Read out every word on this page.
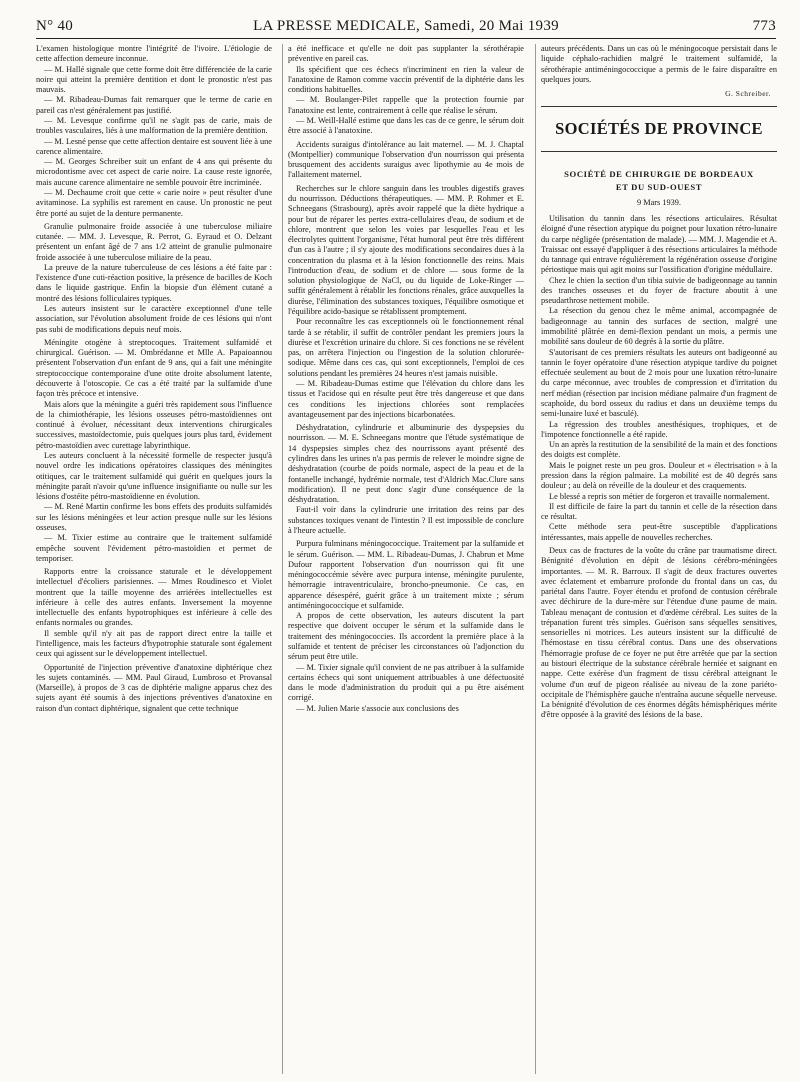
N° 40	LA PRESSE MEDICALE, Samedi, 20 Mai 1939	773

L'examen histologique montre l'intégrité de l'ivoire. L'étiologie de cette affection demeure inconnue.

— M. Hallé signale que cette forme doit être différenciée de la carie noire qui atteint la première dentition et dont le pronostic n'est pas mauvais.

— M. Ribadeau-Dumas fait remarquer que le terme de carie en pareil cas n'est généralement pas justifié.

— M. Levesque confirme qu'il ne s'agit pas de carie, mais de troubles vasculaires, liés à une malformation de la première dentition.

— M. Lesné pense que cette affection dentaire est souvent liée à une carence alimentaire.

— M. Georges Schreiber suit un enfant de 4 ans qui présente du microdontisme avec cet aspect de carie noire. La cause reste ignorée, mais aucune carence alimentaire ne semble pouvoir être incriminée.

— M. Dechaume croit que cette « carie noire » peut résulter d'une avitaminose. La syphilis est rarement en cause. Un pronostic ne peut être porté au sujet de la denture permanente.

Granulie pulmonaire froide associée à une tuberculose miliaire cutanée. — MM. J. Levesque, R. Perrot, G. Eyraud et O. Delzant présentent un enfant âgé de 7 ans 1/2 atteint de granulie pulmonaire froide associée à une tuberculose miliaire de la peau.

La preuve de la nature tuberculeuse de ces lésions a été faite par : l'existence d'une cuti-réaction positive, la présence de bacilles de Koch dans le liquide gastrique. Enfin la biopsie d'un élément cutané a montré des lésions folliculaires typiques.

Les auteurs insistent sur le caractère exceptionnel d'une telle association, sur l'évolution absolument froide de ces lésions qui n'ont pas subi de modifications depuis neuf mois.

Méningite otogène à streptocoques. Traitement sulfamidé et chirurgical. Guérison. — M. Ombrédanne et Mlle A. Papaioannou présentent l'observation d'un enfant de 9 ans, qui a fait une méningite streptococcique contemporaine d'une otite droite absolument latente, découverte à l'otoscopie. Ce cas a été traité par la sulfamide d'une façon très précoce et intensive.

Mais alors que la méningite a guéri très rapidement sous l'influence de la chimiothérapie, les lésions osseuses pétro-mastoïdiennes ont continué à évoluer, nécessitant deux interventions chirurgicales successives, mastoïdectomie, puis quelques jours plus tard, évidement pétro-mastoïdien avec curettage labyrinthique.

Les auteurs concluent à la nécessité formelle de respecter jusqu'à nouvel ordre les indications opératoires classiques des méningites otitiques, car le traitement sulfamidé qui guérit en quelques jours la méningite paraît n'avoir qu'une influence insignifiante ou nulle sur les lésions d'ostéite pétro-mastoïdienne en évolution.

— M. René Martin confirme les bons effets des produits sulfamidés sur les lésions méningées et leur action presque nulle sur les lésions osseuses.

— M. Tixier estime au contraire que le traitement sulfamidé empêche souvent l'évidement pétro-mastoïdien et permet de temporiser.

Rapports entre la croissance staturale et le développement intellectuel d'écoliers parisiennes. — Mmes Roudinesco et Violet montrent que la taille moyenne des arriérées intellectuelles est inférieure à celle des autres enfants. Inversement la moyenne intellectuelle des enfants hypotrophiques est inférieure à celle des enfants normales ou grandes.

Il semble qu'il n'y ait pas de rapport direct entre la taille et l'intelligence, mais les facteurs d'hypotrophie staturale sont également ceux qui agissent sur le développement intellectuel.

Opportunité de l'injection préventive d'anatoxine diphtérique chez les sujets contaminés. — MM. Paul Giraud, Lumbroso et Provansal (Marseille), à propos de 3 cas de diphtérie maligne apparus chez des sujets ayant été soumis à des injections préventives d'anatoxine en raison d'un contact diphtérique, signalent que cette technique

a été inefficace et qu'elle ne doit pas supplanter la sérothérapie préventive en pareil cas.

Ils spécifient que ces échecs n'incriminent en rien la valeur de l'anatoxine de Ramon comme vaccin préventif de la diphtérie dans les conditions habituelles.

— M. Boulanger-Pilet rappelle que la protection fournie par l'anatoxine est lente, contrairement à celle que réalise le sérum.

— M. Weill-Hallé estime que dans les cas de ce genre, le sérum doit être associé à l'anatoxine.

Accidents suraigus d'intolérance au lait maternel. — M. J. Chaptal (Montpellier) communique l'observation d'un nourrisson qui présenta brusquement des accidents suraigus avec lipothymie au 4e mois de l'allaitement maternel.

Recherches sur le chlore sanguin dans les troubles digestifs graves du nourrisson. Déductions thérapeutiques. — MM. P. Rohmer et E. Schneegans (Strasbourg), après avoir rappelé que la diète hydrique a pour but de réparer les pertes extra-cellulaires d'eau, de sodium et de chlore, montrent que selon les voies par lesquelles l'eau et les électrolytes quittent l'organisme, l'état humoral peut être très différent d'un cas à l'autre ; il s'y ajoute des modifications secondaires dues à la concentration du plasma et à la lésion fonctionnelle des reins. Mais l'introduction d'eau, de sodium et de chlore — sous forme de la solution physiologique de NaCl, ou du liquide de Loke-Ringer — suffit généralement à rétablir les fonctions rénales, grâce auxquelles la diurèse, l'élimination des substances toxiques, l'équilibre osmotique et l'équilibre acido-basique se rétablissent promptement.

Pour reconnaître les cas exceptionnels où le fonctionnement rénal tarde à se rétablir, il suffit de contrôler pendant les premiers jours la diurèse et l'excrétion urinaire du chlore. Si ces fonctions ne se révèlent pas, on arrêtera l'injection ou l'ingestion de la solution chlorurée-sodique. Même dans ces cas, qui sont exceptionnels, l'emploi de ces solutions pendant les premières 24 heures n'est jamais nuisible.

— M. Ribadeau-Dumas estime que l'élévation du chlore dans les tissus et l'acidose qui en résulte peut être très dangereuse et que dans ces conditions les injections chlorées sont remplacées avantageusement par des injections bicarbonatées.

Déshydratation, cylindrurie et albuminurie des dyspepsies du nourrisson. — M. E. Schneegans montre que l'étude systématique de 14 dyspepsies simples chez des nourrissons ayant présenté des cylindres dans les urines n'a pas permis de relever le moindre signe de déshydratation (courbe de poids normale, aspect de la peau et de la fontanelle inchangé, hydrémie normale, test d'Aldrich Mac.Clure sans modification). Il ne peut donc s'agir d'une conséquence de la déshydratation.

Faut-il voir dans la cylindrurie une irritation des reins par des substances toxiques venant de l'intestin ? Il est impossible de conclure à l'heure actuelle.

Purpura fulminans méningococcique. Traitement par la sulfamide et le sérum. Guérison. — MM. L. Ribadeau-Dumas, J. Chabrun et Mme Dufour rapportent l'observation d'un nourrisson qui fit une méningococcémie sévère avec purpura intense, méningite purulente, hémorragie intraventriculaire, broncho-pneumonie. Ce cas, en apparence désespéré, guérit grâce à un traitement mixte ; sérum antiméningococcique et sulfamide.

A propos de cette observation, les auteurs discutent la part respective que doivent occuper le sérum et la sulfamide dans le traitement des méningococcies. Ils accordent la première place à la sulfamide et tentent de préciser les circonstances où l'adjonction du sérum peut être utile.

— M. Tixier signale qu'il convient de ne pas attribuer à la sulfamide certains échecs qui sont uniquement attribuables à une défectuosité dans le mode d'administration du produit qui a pu être aisément corrigé.

— M. Julien Marie s'associe aux conclusions des

auteurs précédents. Dans un cas où le méningocoque persistait dans le liquide céphalo-rachidien malgré le traitement sulfamidé, la sérothérapie antiméningococcique a permis de le faire disparaître en quelques jours.

G. Schreiber.
SOCIÉTÉS DE PROVINCE
SOCIÉTÉ DE CHIRURGIE DE BORDEAUX
ET DU SUD-OUEST
9 Mars 1939.

Utilisation du tannin dans les résections articulaires. Résultat éloigné d'une résection atypique du poignet pour luxation rétro-lunaire du carpe négligée (présentation de malade). — MM. J. Magendie et A. Traissac ont essayé d'appliquer à des résections articulaires la méthode du tannage qui entrave régulièrement la régénération osseuse d'origine périostique mais qui agit moins sur l'ossification d'origine médullaire.

Chez le chien la section d'un tibia suivie de badigeonnage au tannin des tranches osseuses et du foyer de fracture aboutit à une pseudarthrose nettement mobile.

La résection du genou chez le même animal, accompagnée de badigeonnage au tannin des surfaces de section, malgré une immobilité plâtrée en demi-flexion pendant un mois, a permis une mobilité sans douleur de 60 degrés à la sortie du plâtre.

S'autorisant de ces premiers résultats les auteurs ont badigeonné au tannin le foyer opératoire d'une résection atypique tardive du poignet effectuée seulement au bout de 2 mois pour une luxation rétro-lunaire du carpe méconnue, avec troubles de compression et d'irritation du nerf médian (résection par incision médiane palmaire d'un fragment de scaphoïde, du bord osseux du radius et dans un deuxième temps du semi-lunaire luxé et basculé).

La régression des troubles anesthésiques, trophiques, et de l'impotence fonctionnelle a été rapide.

Un an après la restitution de la sensibilité de la main et des fonctions des doigts est complète.

Mais le poignet reste un peu gros. Douleur et « électrisation » à la pression dans la région palmaire. La mobilité est de 40 degrés sans douleur ; au delà on réveille de la douleur et des craquements.

Le blessé a repris son métier de forgeron et travaille normalement.

Il est difficile de faire la part du tannin et celle de la résection dans ce résultat.

Cette méthode sera peut-être susceptible d'applications intéressantes, mais appelle de nouvelles recherches.

Deux cas de fractures de la voûte du crâne par traumatisme direct. Bénignité d'évolution en dépit de lésions cérébro-méningées importantes. — M. R. Barroux. Il s'agit de deux fractures ouvertes avec éclatement et embarrure profonde du frontal dans un cas, du pariétal dans l'autre. Foyer étendu et profond de contusion cérébrale avec déchirure de la dure-mère sur l'étendue d'une paume de main. Tableau menaçant de contusion et d'œdème cérébral. Les suites de la trépanation furent très simples. Guérison sans séquelles sensitives, sensorielles ni motrices. Les auteurs insistent sur la difficulté de l'hémostase en tissu cérébral contus. Dans une des observations l'hémorragie profuse de ce foyer ne put être arrêtée que par la section au bistouri électrique de la substance cérébrale herniée et saignant en nappe. Cette exérèse d'un fragment de tissu cérébral atteignant le volume d'un œuf de pigeon réalisée au niveau de la zone pariéto-occipitale de l'hémisphère gauche n'entraîna aucune séquelle nerveuse. La bénignité d'évolution de ces énormes dégâts hémisphériques mérite d'être opposée à la gravité des lésions de la base.
